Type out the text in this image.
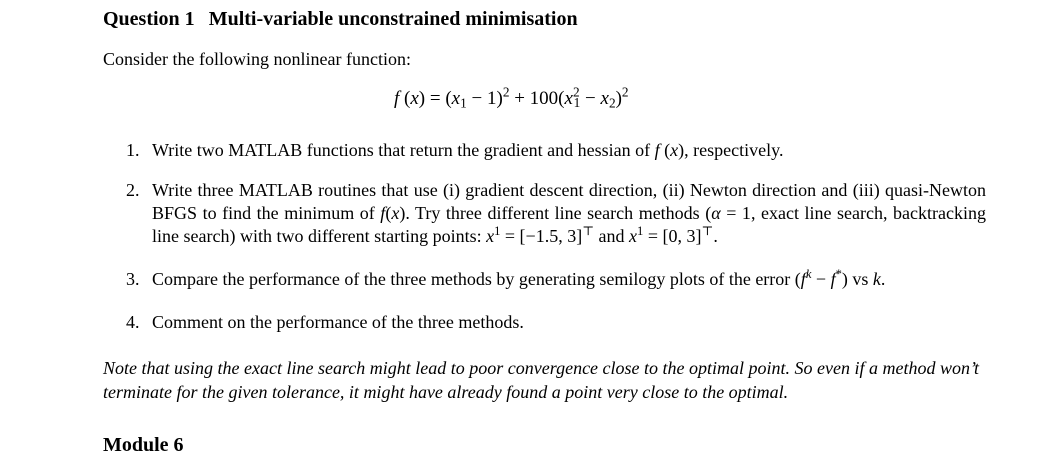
Question 1 Multi-variable unconstrained minimisation
Consider the following nonlinear function:
f $(x) = (x_1 - 1)^2 + 100(x^2_1 - x_2)^2$
1. Write two MATLAB functions that return the gradient and hessian of f (x), respectively.
2. Write three MATLAB routines that use (i) gradient descent direction, (ii) Newton direction and (iii) quasi-Newton BFGS to find the minimum of f(x). Try three different line search methods (α = 1, exact line search, backtracking line search) with two different starting points: $x^1 = [-1.5$, 3]⊤ and $x^1 = [0$, 3]⊤.
3. Compare the performance of the three methods by generating semilogy plots of the error $(f^k - f^*)$ vs k.
4. Comment on the performance of the three methods.
Note that using the exact line search might lead to poor convergence close to the optimal point. So even if a method won’t terminate for the given tolerance, it might have already found a point very close to the optimal.
Module 6
